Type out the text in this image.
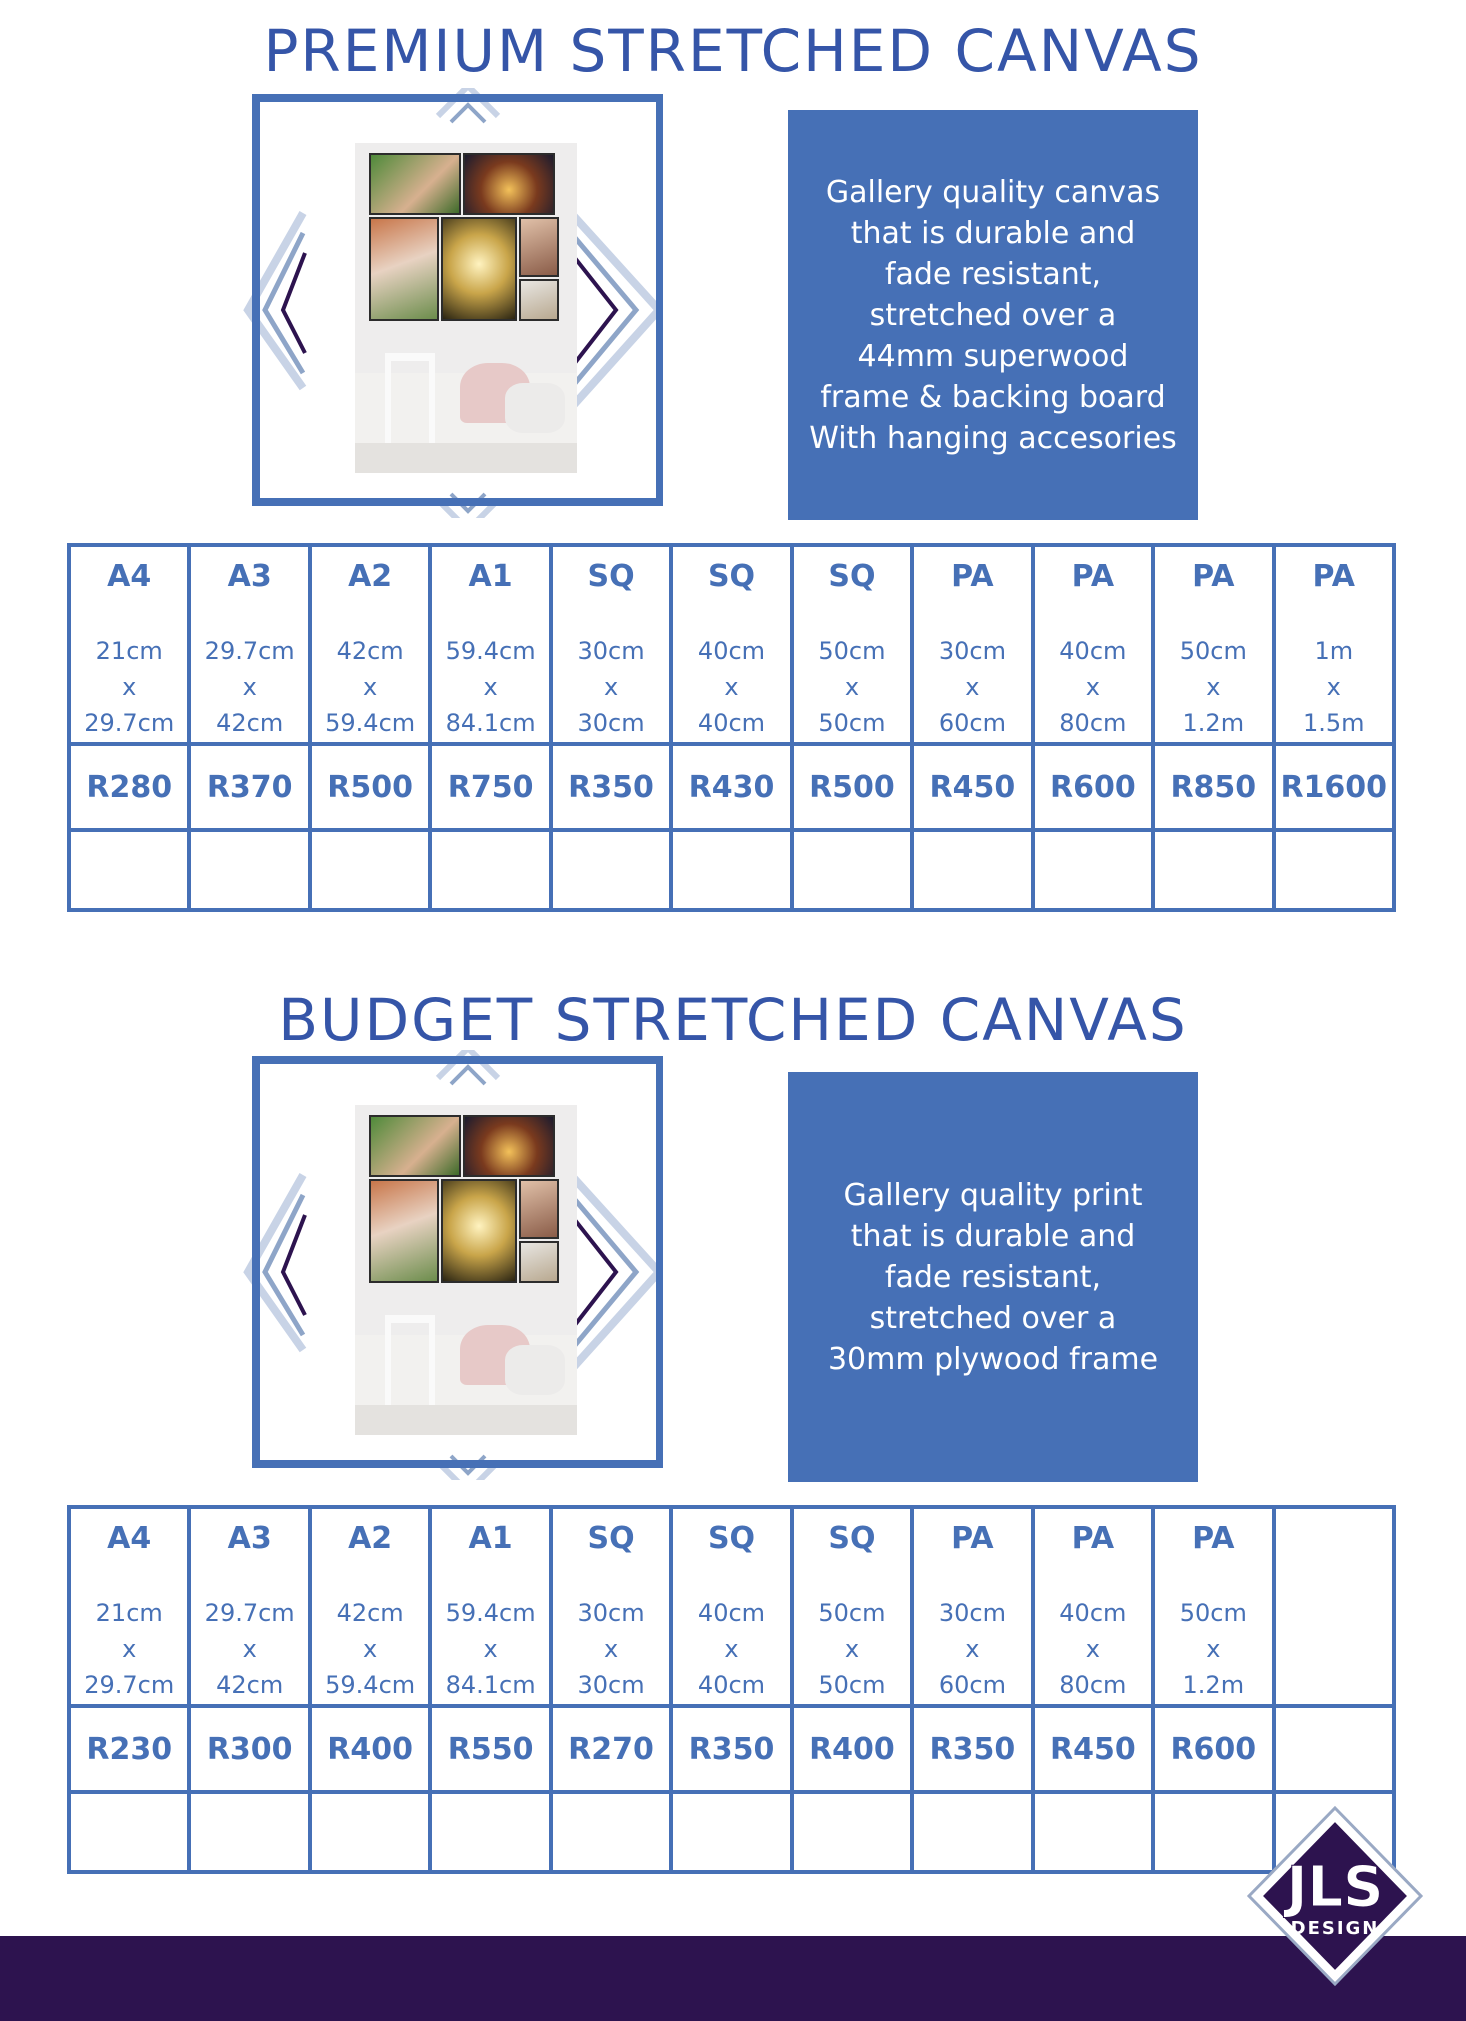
PREMIUM STRETCHED CANVAS
Gallery quality canvas
that is durable and
fade resistant,
stretched over a
44mm superwood
frame & backing board
With hanging accesories
A4
21cm
x
29.7cm	A3
29.7cm
x
42cm	A2
42cm
x
59.4cm	A1
59.4cm
x
84.1cm	SQ
30cm
x
30cm	SQ
40cm
x
40cm	SQ
50cm
x
50cm	PA
30cm
x
60cm	PA
40cm
x
80cm	PA
50cm
x
1.2m	PA
1m
x
1.5m

R280	R370	R500	R750	R350	R430	R500	R450	R600	R850	R1600

BUDGET STRETCHED CANVAS
Gallery quality print
that is durable and
fade resistant,
stretched over a
30mm plywood frame
A4
21cm
x
29.7cm	A3
29.7cm
x
42cm	A2
42cm
x
59.4cm	A1
59.4cm
x
84.1cm	SQ
30cm
x
30cm	SQ
40cm
x
40cm	SQ
50cm
x
50cm	PA
30cm
x
60cm	PA
40cm
x
80cm	PA
50cm
x
1.2m	

R230	R300	R400	R550	R270	R350	R400	R350	R450	R600	

JLS
DESIGN
